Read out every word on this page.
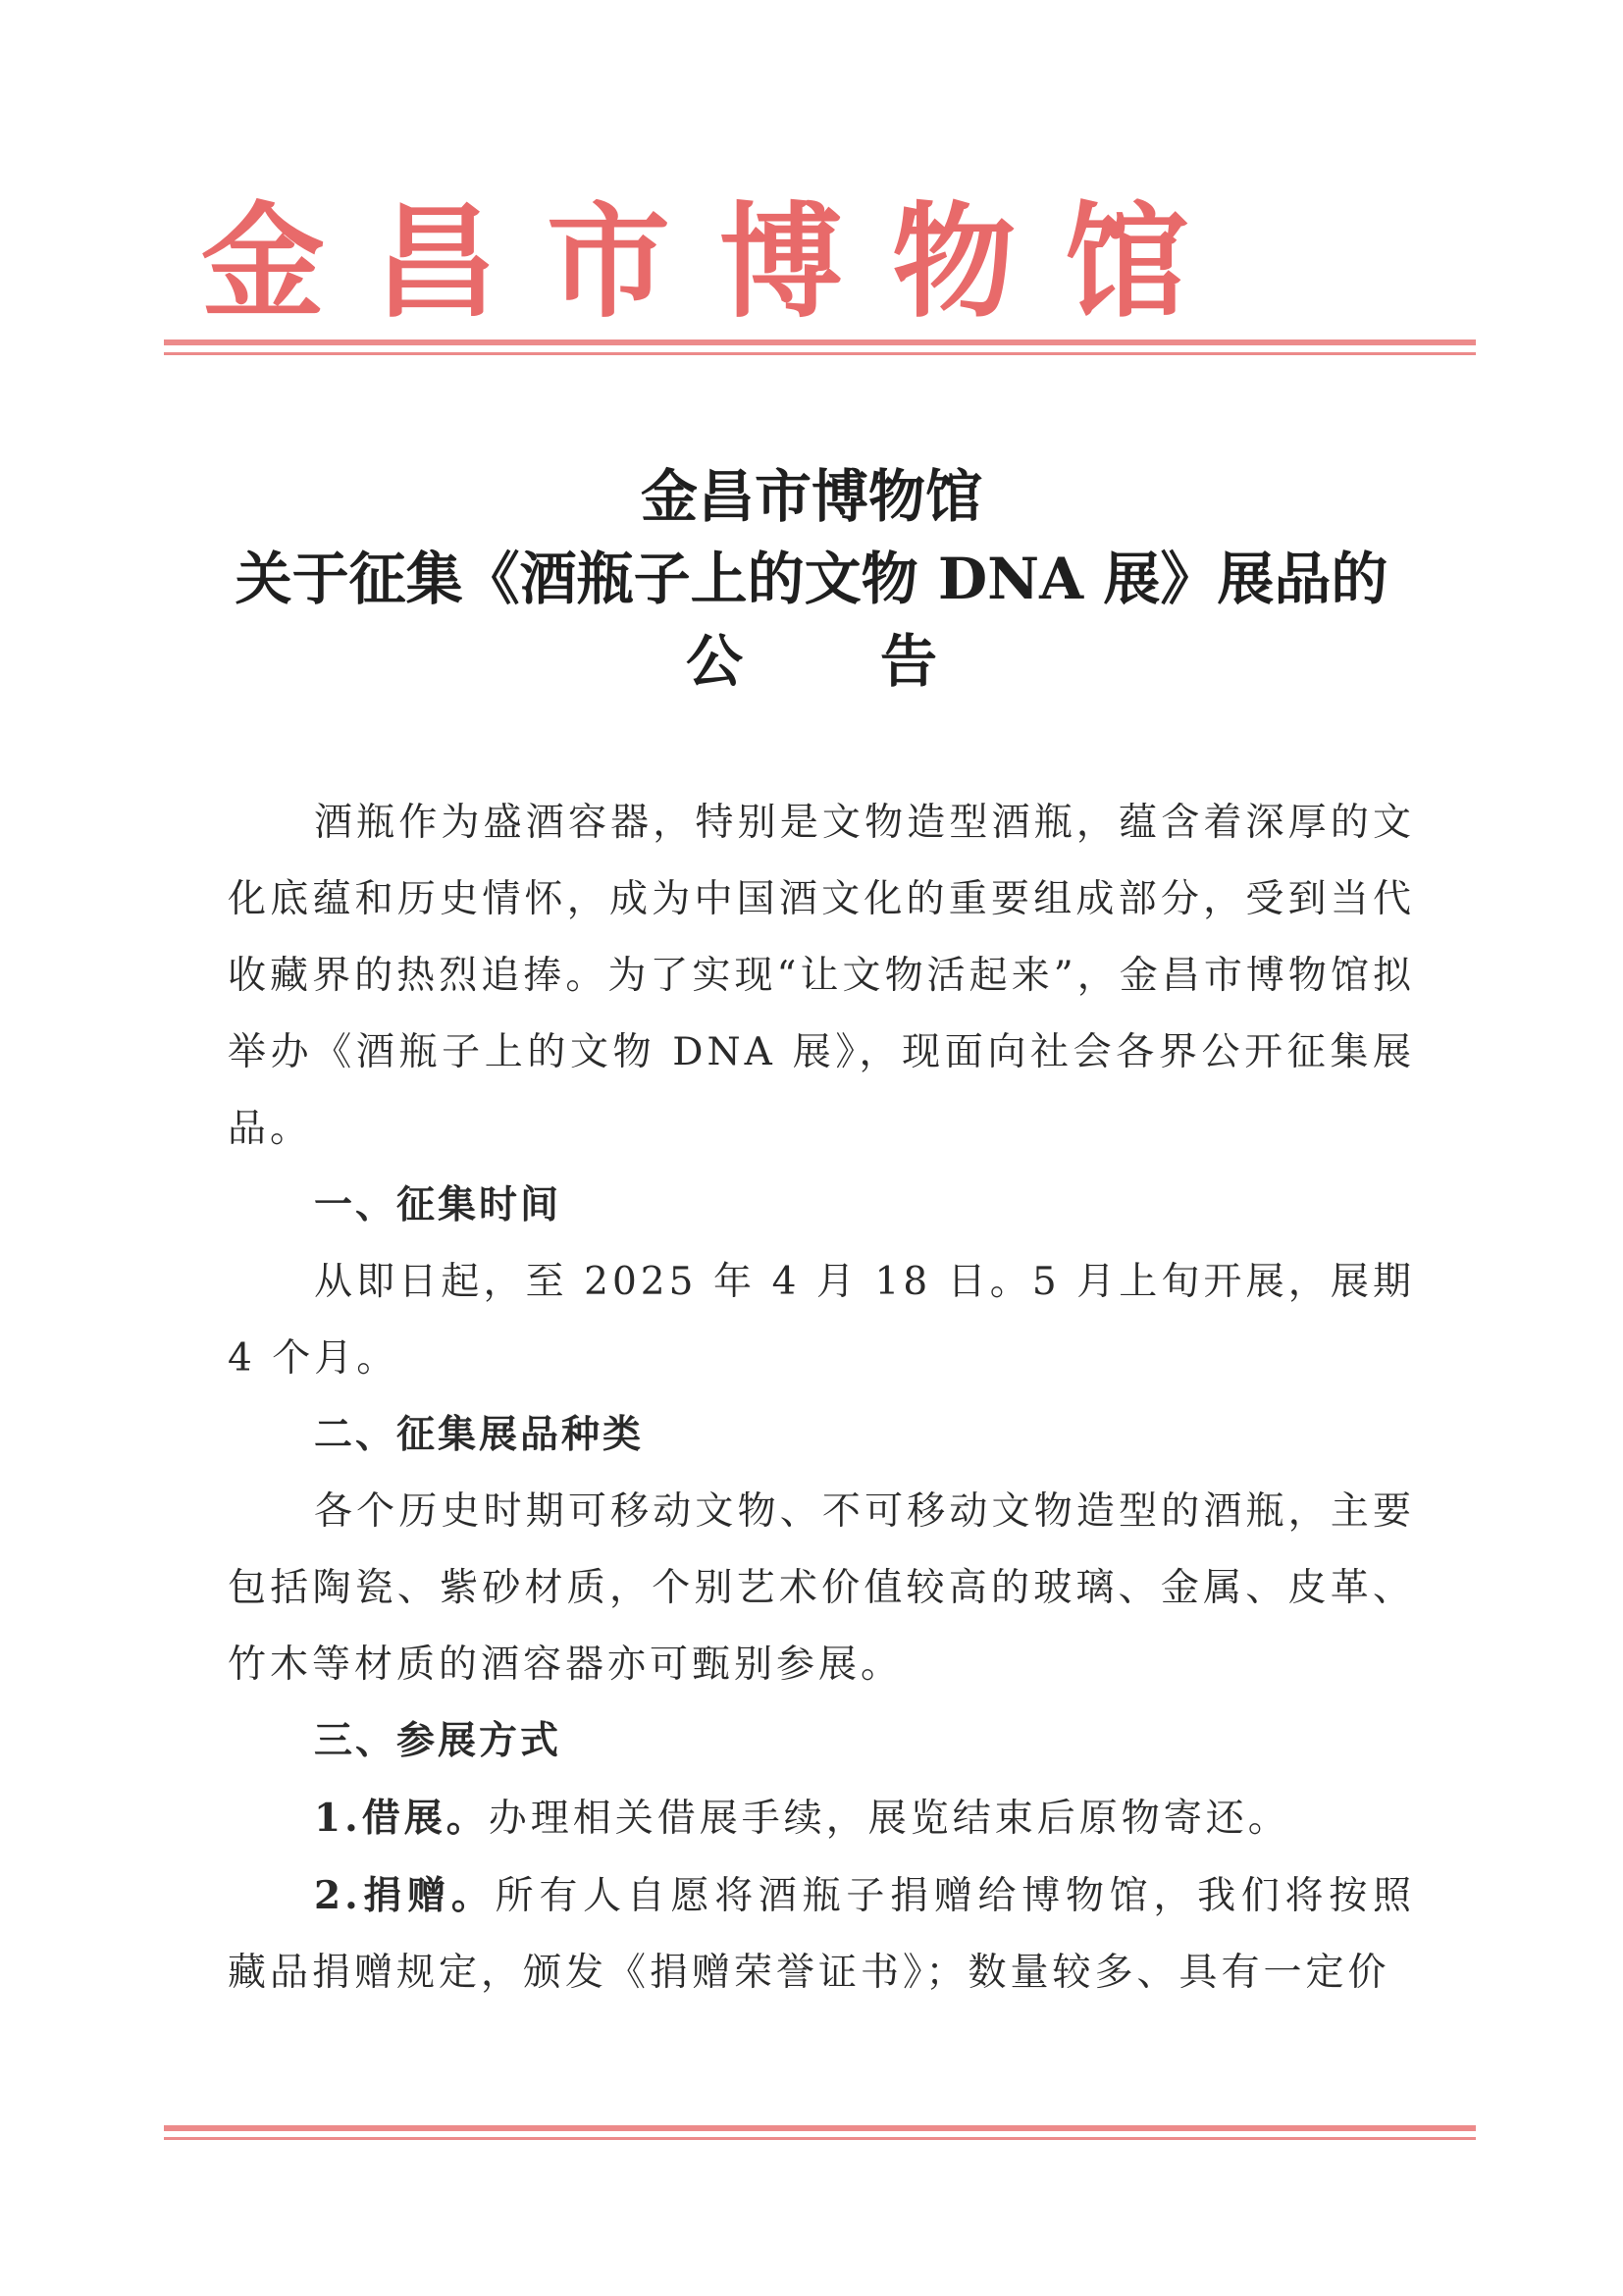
金 昌 市 博 物 馆
金昌市博物馆
关于征集《酒瓶子上的文物 DNA 展》展品的
公告

酒瓶作为盛酒容器，特别是文物造型酒瓶，蕴含着深厚的文化底蕴和历史情怀，成为中国酒文化的重要组成部分，受到当代收藏界的热烈追捧。为了实现“让文物活起来”，金昌市博物馆拟举办《酒瓶子上的文物 DNA 展》，现面向社会各界公开征集展品。

一、征集时间

从即日起，至 2025 年 4 月 18 日。5 月上旬开展，展期 4 个月。

二、征集展品种类

各个历史时期可移动文物、不可移动文物造型的酒瓶，主要包括陶瓷、紫砂材质，个别艺术价值较高的玻璃、金属、皮革、竹木等材质的酒容器亦可甄别参展。

三、参展方式

1.借展。办理相关借展手续，展览结束后原物寄还。

2.捐赠。所有人自愿将酒瓶子捐赠给博物馆，我们将按照藏品捐赠规定，颁发《捐赠荣誉证书》；数量较多、具有一定价
